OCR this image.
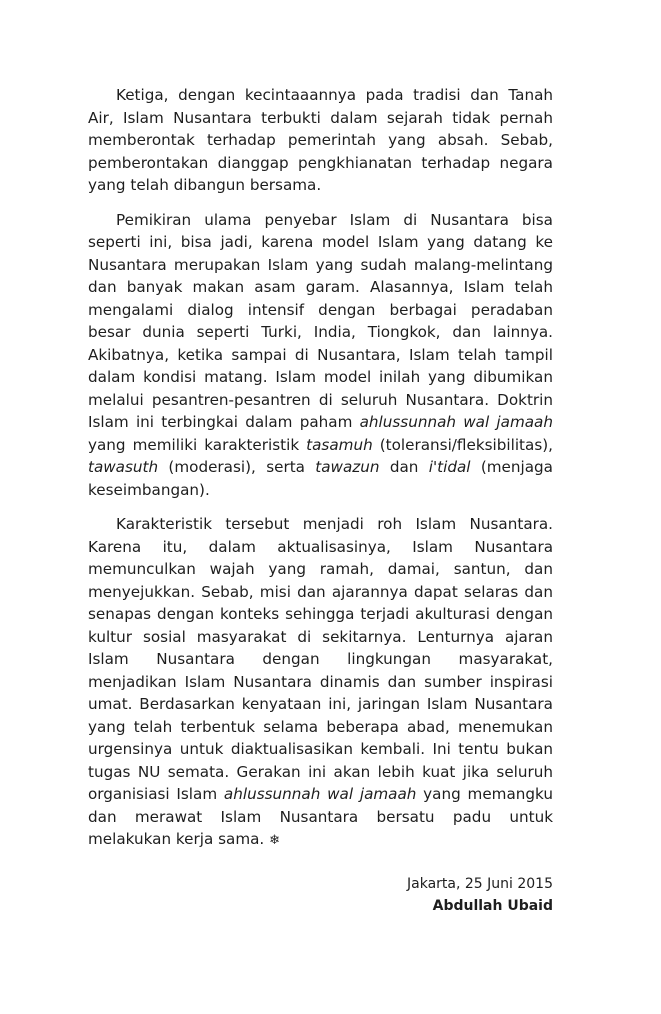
Ketiga, dengan kecintaaannya pada tradisi dan Tanah Air, Islam Nusantara terbukti dalam sejarah tidak pernah memberontak terhadap pemerintah yang absah. Sebab, pemberontakan dianggap pengkhianatan terhadap negara yang telah dibangun bersama.

Pemikiran ulama penyebar Islam di Nusantara bisa seperti ini, bisa jadi, karena model Islam yang datang ke Nusantara merupakan Islam yang sudah malang-melintang dan banyak makan asam garam. Alasannya, Islam telah mengalami dialog intensif dengan berbagai peradaban besar dunia seperti Turki, India, Tiongkok, dan lainnya. Akibatnya, ketika sampai di Nusantara, Islam telah tampil dalam kondisi matang. Islam model inilah yang dibumikan melalui pesantren-pesantren di seluruh Nusantara. Doktrin Islam ini terbingkai dalam paham ahlussunnah wal jamaah yang memiliki karakteristik tasamuh (toleransi/fleksibilitas), tawasuth (moderasi), serta tawazun dan i'tidal (menjaga keseimbangan).

Karakteristik tersebut menjadi roh Islam Nusantara. Karena itu, dalam aktualisasinya, Islam Nusantara memunculkan wajah yang ramah, damai, santun, dan menyejukkan. Sebab, misi dan ajarannya dapat selaras dan senapas dengan konteks sehingga terjadi akulturasi dengan kultur sosial masyarakat di sekitarnya. Lenturnya ajaran Islam Nusantara dengan lingkungan masyarakat, menjadikan Islam Nusantara dinamis dan sumber inspirasi umat. Berdasarkan kenyataan ini, jaringan Islam Nusantara yang telah terbentuk selama beberapa abad, menemukan urgensinya untuk diaktualisasikan kembali. Ini tentu bukan tugas NU semata. Gerakan ini akan lebih kuat jika seluruh organisiasi Islam ahlussunnah wal jamaah yang memangku dan merawat Islam Nusantara bersatu padu untuk melakukan kerja sama. ❄

Jakarta, 25 Juni 2015
Abdullah Ubaid
